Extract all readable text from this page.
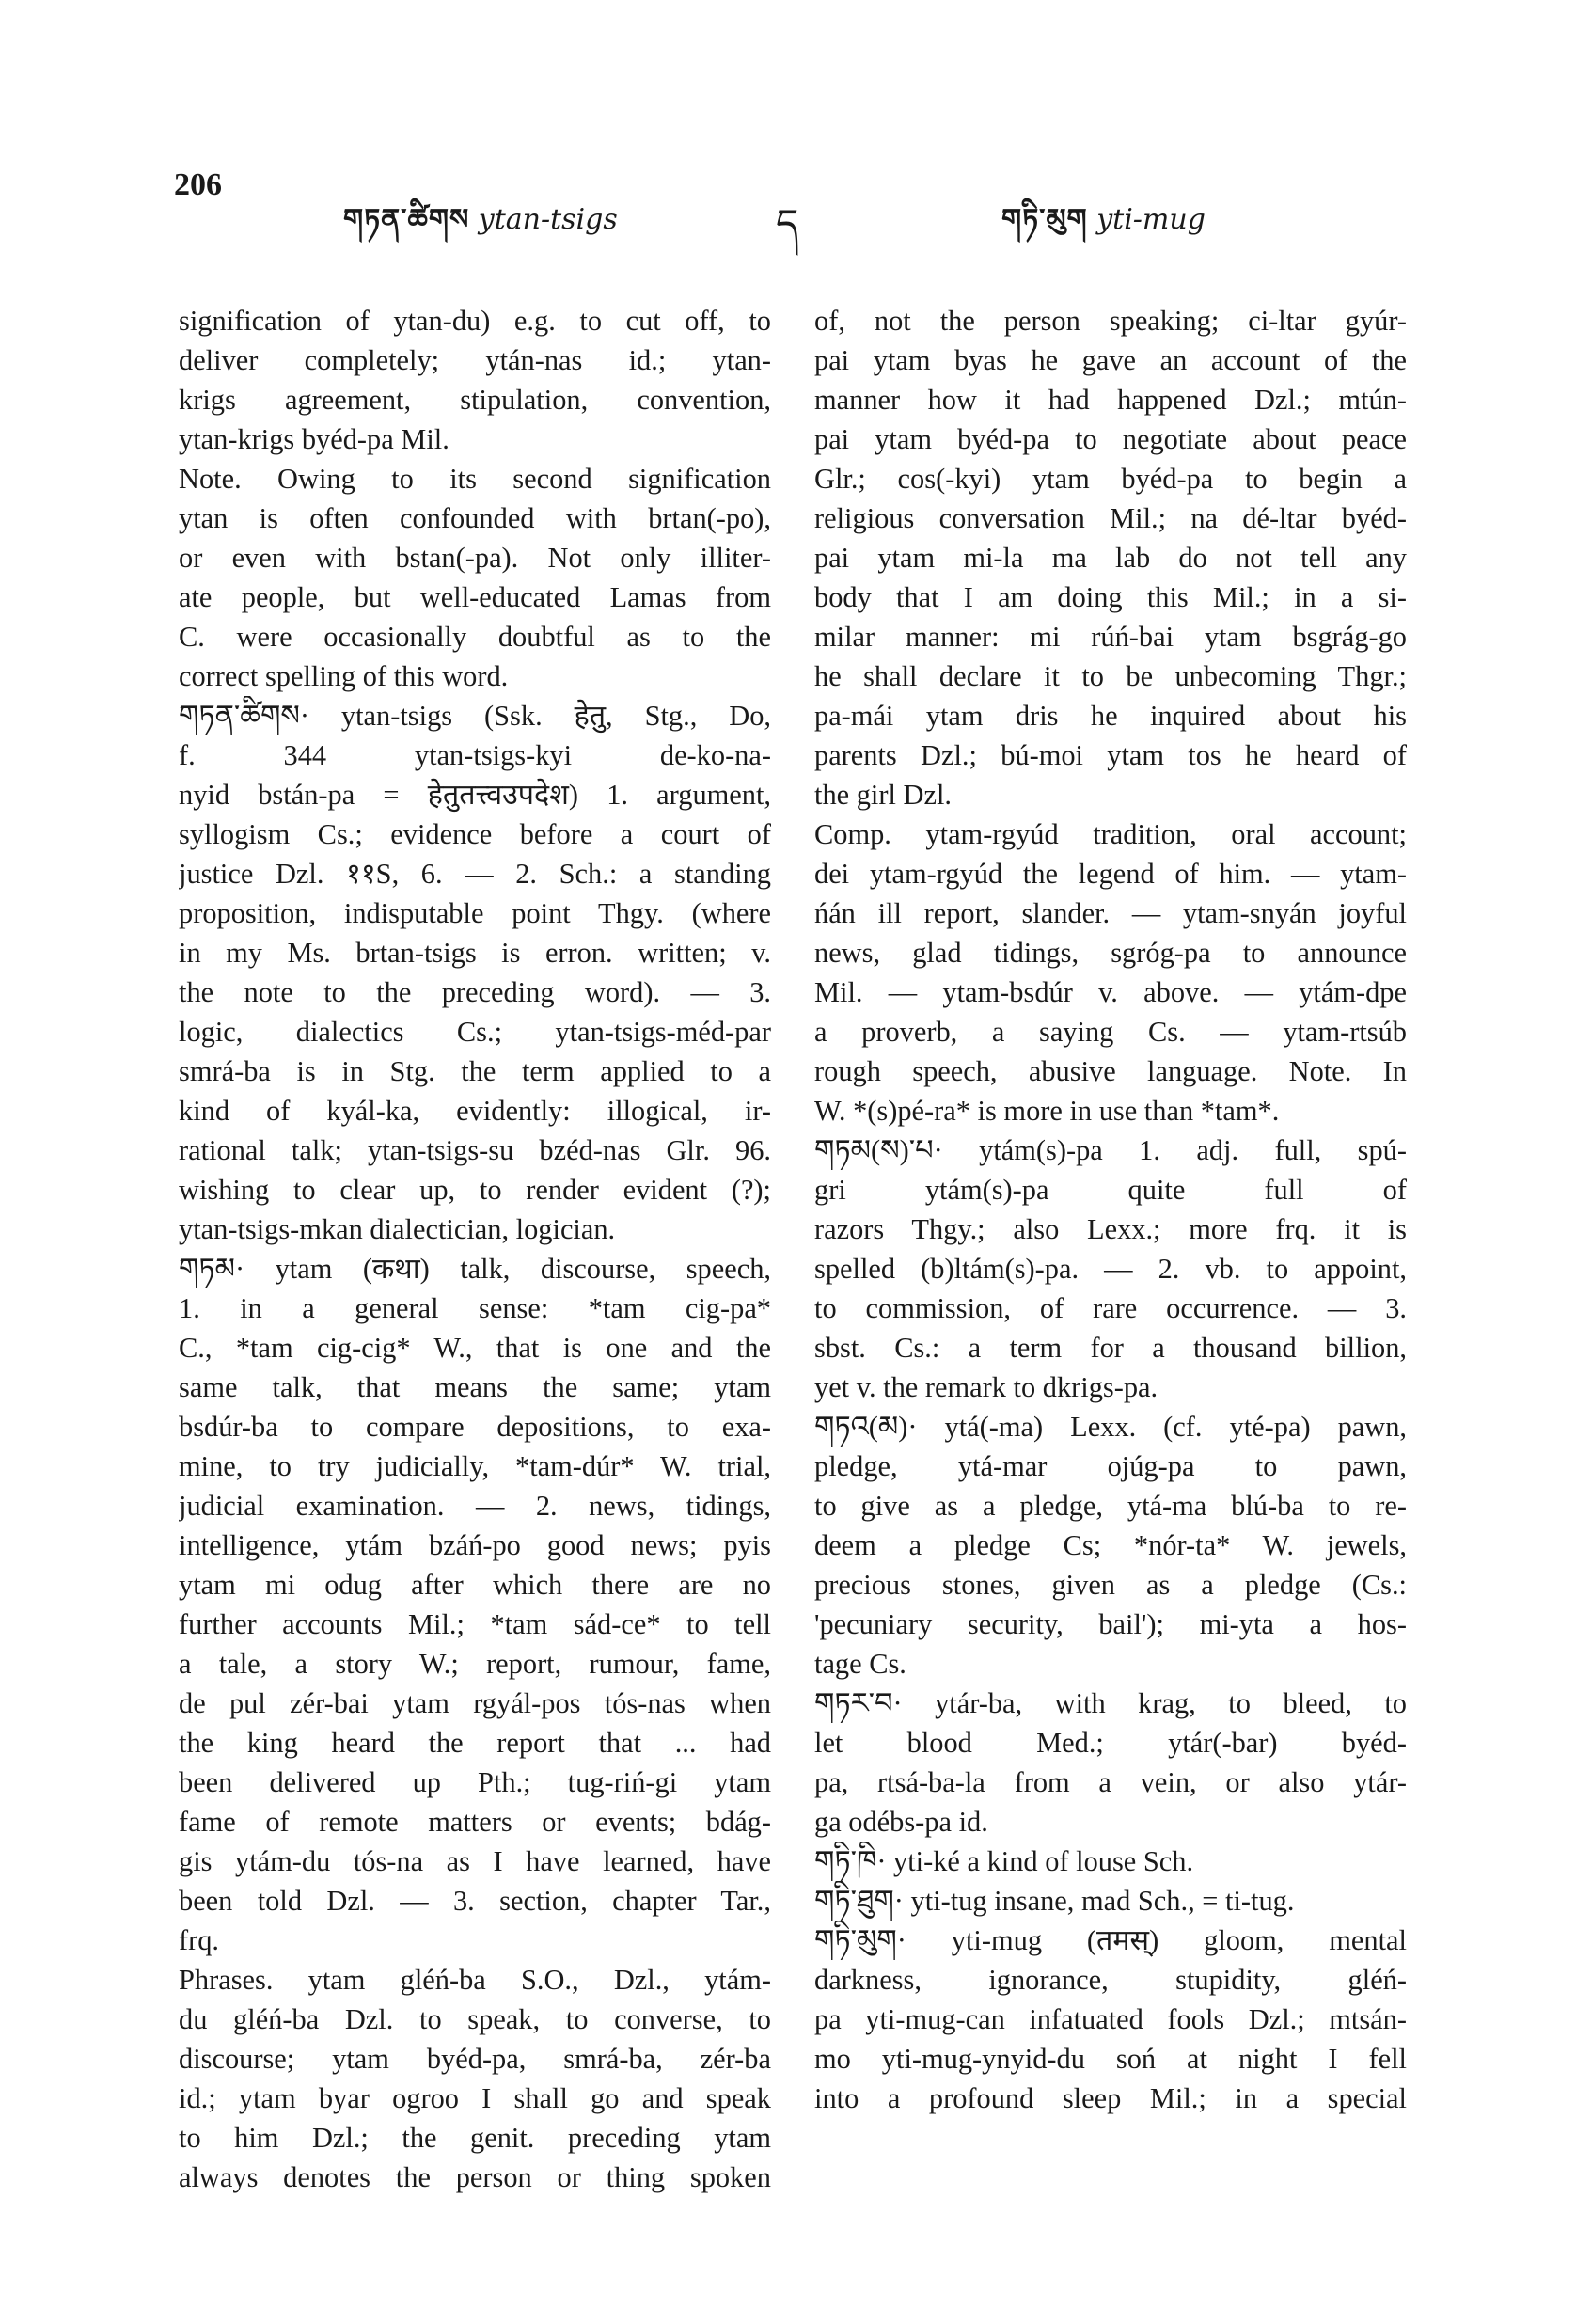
206
གཏན་ཚིགས ytan-tsigs	ད	གཏི་མུག yti-mug
signification of ytan-du) e.g. to cut off, to
deliver completely; ytán-nas id.; ytan-
krigs agreement, stipulation, convention,
ytan-krigs byéd-pa Mil.
Note. Owing to its second signification
ytan is often confounded with brtan(-po),
or even with bstan(-pa). Not only illiter-
ate people, but well-educated Lamas from
C. were occasionally doubtful as to the
correct spelling of this word.
གཏན་ཚིགས· ytan-tsigs (Ssk. हेतु, Stg., Do,
f. 344 ytan-tsigs-kyi de-ko-na-
nyid bstán-pa = हेतुतत्त्वउपदेश) 1. argument,
syllogism Cs.; evidence before a court of
justice Dzl. ११S, 6. — 2. Sch.: a standing
proposition, indisputable point Thgy. (where
in my Ms. brtan-tsigs is erron. written; v.
the note to the preceding word). — 3.
logic, dialectics Cs.; ytan-tsigs-méd-par
smrá-ba is in Stg. the term applied to a
kind of kyál-ka, evidently: illogical, ir-
rational talk; ytan-tsigs-su bzéd-nas Glr. 96.
wishing to clear up, to render evident (?);
ytan-tsigs-mkan dialectician, logician.
གཏམ· ytam (कथा) talk, discourse, speech,
1. in a general sense: *tam cig-pa*
C., *tam cig-cig* W., that is one and the
same talk, that means the same; ytam
bsdúr-ba to compare depositions, to exa-
mine, to try judicially, *tam-dúr* W. trial,
judicial examination. — 2. news, tidings,
intelligence, ytám bzáń-po good news; pyis
ytam mi odug after which there are no
further accounts Mil.; *tam sád-ce* to tell
a tale, a story W.; report, rumour, fame,
de pul zér-bai ytam rgyál-pos tós-nas when
the king heard the report that ... had
been delivered up Pth.; tug-riń-gi ytam
fame of remote matters or events; bdág-
gis ytám-du tós-na as I have learned, have
been told Dzl. — 3. section, chapter Tar.,
frq.
Phrases. ytam gléń-ba S.O., Dzl., ytám-
du gléń-ba Dzl. to speak, to converse, to
discourse; ytam byéd-pa, smrá-ba, zér-ba
id.; ytam byar ogroo I shall go and speak
to him Dzl.; the genit. preceding ytam
always denotes the person or thing spoken
of, not the person speaking; ci-ltar gyúr-
pai ytam byas he gave an account of the
manner how it had happened Dzl.; mtún-
pai ytam byéd-pa to negotiate about peace
Glr.; cos(-kyi) ytam byéd-pa to begin a
religious conversation Mil.; na dé-ltar byéd-
pai ytam mi-la ma lab do not tell any
body that I am doing this Mil.; in a si-
milar manner: mi rúń-bai ytam bsgrág-go
he shall declare it to be unbecoming Thgr.;
pa-mái ytam dris he inquired about his
parents Dzl.; bú-moi ytam tos he heard of
the girl Dzl.
Comp. ytam-rgyúd tradition, oral account;
dei ytam-rgyúd the legend of him. — ytam-
ńán ill report, slander. — ytam-snyán joyful
news, glad tidings, sgróg-pa to announce
Mil. — ytam-bsdúr v. above. — ytám-dpe
a proverb, a saying Cs. — ytam-rtsúb
rough speech, abusive language. Note. In
W. *(s)pé-ra* is more in use than *tam*.
གཏམ(ས)་པ· ytám(s)-pa 1. adj. full, spú-
gri ytám(s)-pa quite full of
razors Thgy.; also Lexx.; more frq. it is
spelled (b)ltám(s)-pa. — 2. vb. to appoint,
to commission, of rare occurrence. — 3.
sbst. Cs.: a term for a thousand billion,
yet v. the remark to dkrigs-pa.
གཏའ(མ)· ytá(-ma) Lexx. (cf. yté-pa) pawn,
pledge, ytá-mar ojúg-pa to pawn,
to give as a pledge, ytá-ma blú-ba to re-
deem a pledge Cs; *nór-ta* W. jewels,
precious stones, given as a pledge (Cs.:
'pecuniary security, bail'); mi-yta a hos-
tage Cs.
གཏར་བ· ytár-ba, with krag, to bleed, to
let blood Med.; ytár(-bar) byéd-
pa, rtsá-ba-la from a vein, or also ytár-
ga odébs-pa id.
གཏི་ཁི· yti-ké a kind of louse Sch.
གཏི་ཐུག· yti-tug insane, mad Sch., = ti-tug.
གཏི་མུག· yti-mug (तमस्) gloom, mental
darkness, ignorance, stupidity, gléń-
pa yti-mug-can infatuated fools Dzl.; mtsán-
mo yti-mug-ynyid-du soń at night I fell
into a profound sleep Mil.; in a special
